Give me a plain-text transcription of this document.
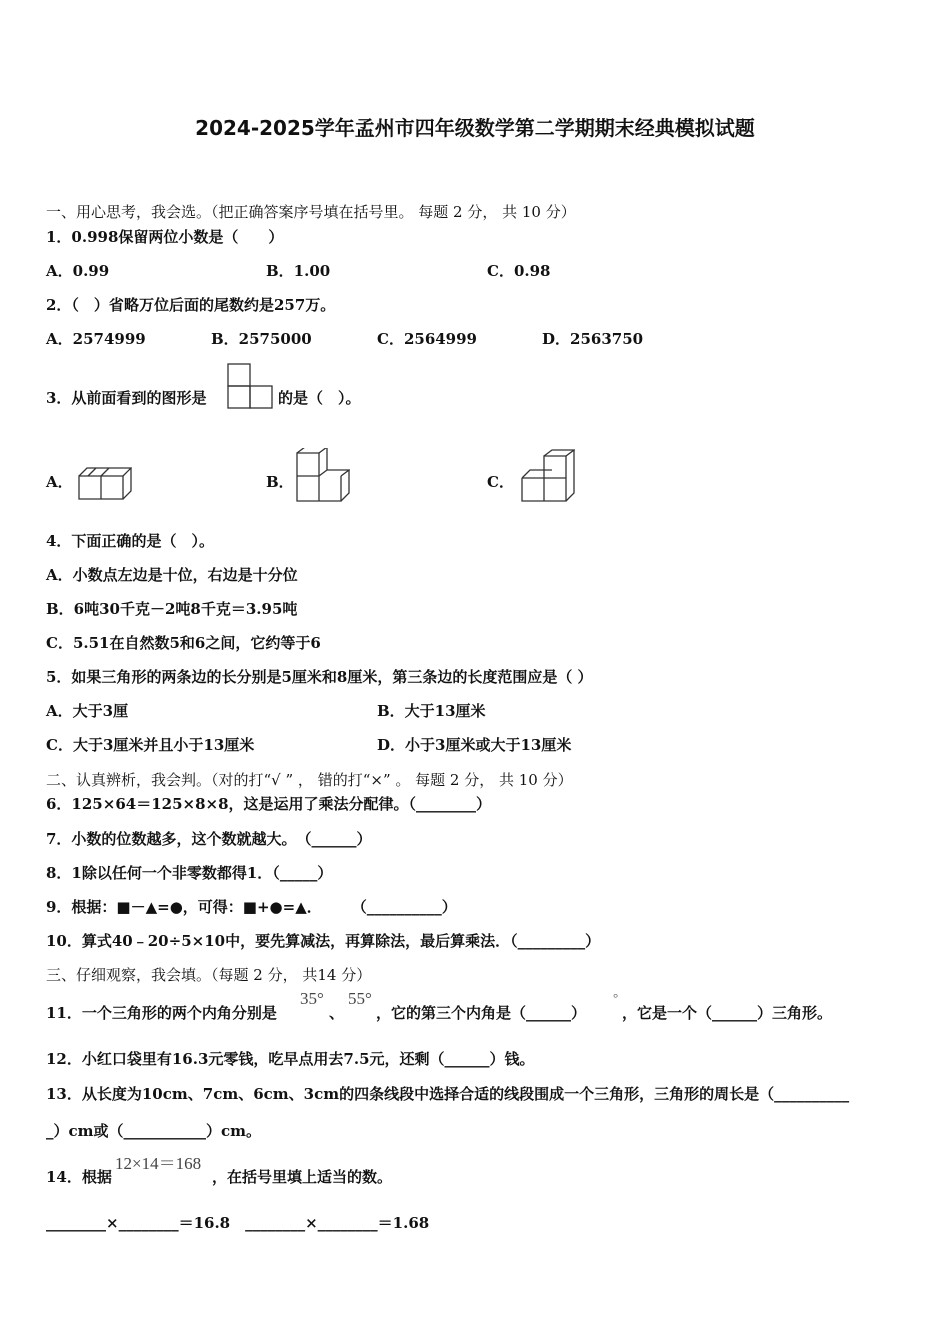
2024-2025学年孟州市四年级数学第二学期期末经典模拟试题
一、用心思考，我会选。（把正确答案序号填在括号里。 每题 2 分， 共 10 分）
1．0.998保留两位小数是（　　）
A．0.99	B．1.00	C．0.98
2．（　）省略万位后面的尾数约是257万。
A．2574999	B．2575000	C．2564999	D．2563750
3．从前面看到的图形是	的是（　）。
A．	B．	C．
4．下面正确的是（　）。
A．小数点左边是十位，右边是十分位
B．6吨30千克－2吨8千克＝3.95吨
C．5.51在自然数5和6之间，它约等于6
5．如果三角形的两条边的长分别是5厘米和8厘米，第三条边的长度范围应是（ ）
A．大于3厘	B．大于13厘米
C．大于3厘米并且小于13厘米	D．小于3厘米或大于13厘米
二、认真辨析，我会判。（对的打“√ ” ， 错的打“×” 。 每题 2 分， 共 10 分）
6．125×64＝125×8×8，这是运用了乘法分配律。（________）
7．小数的位数越多，这个数就越大。　（______）
8．1除以任何一个非零数都得1．（_____）
9．根据：■－▲=●，可得：■+●=▲．　　　（__________）
10．算式40﹣20÷5×10中，要先算减法，再算除法，最后算乘法．（_________）
三、仔细观察，我会填。（每题 2 分， 共14 分）
11．一个三角形的两个内角分别是
35°
、
55°
，它的第三个内角是（______）
°
，它是一个（______）三角形。
12．小红口袋里有16.3元零钱，吃早点用去7.5元，还剩（______）钱。
13．从长度为10cm、7cm、6cm、3cm的四条线段中选择合适的线段围成一个三角形，三角形的周长是（__________
_）cm或（___________）cm。
14．根据
12×14＝168
，在括号里填上适当的数。
________×________＝16.8　________×________＝1.68
